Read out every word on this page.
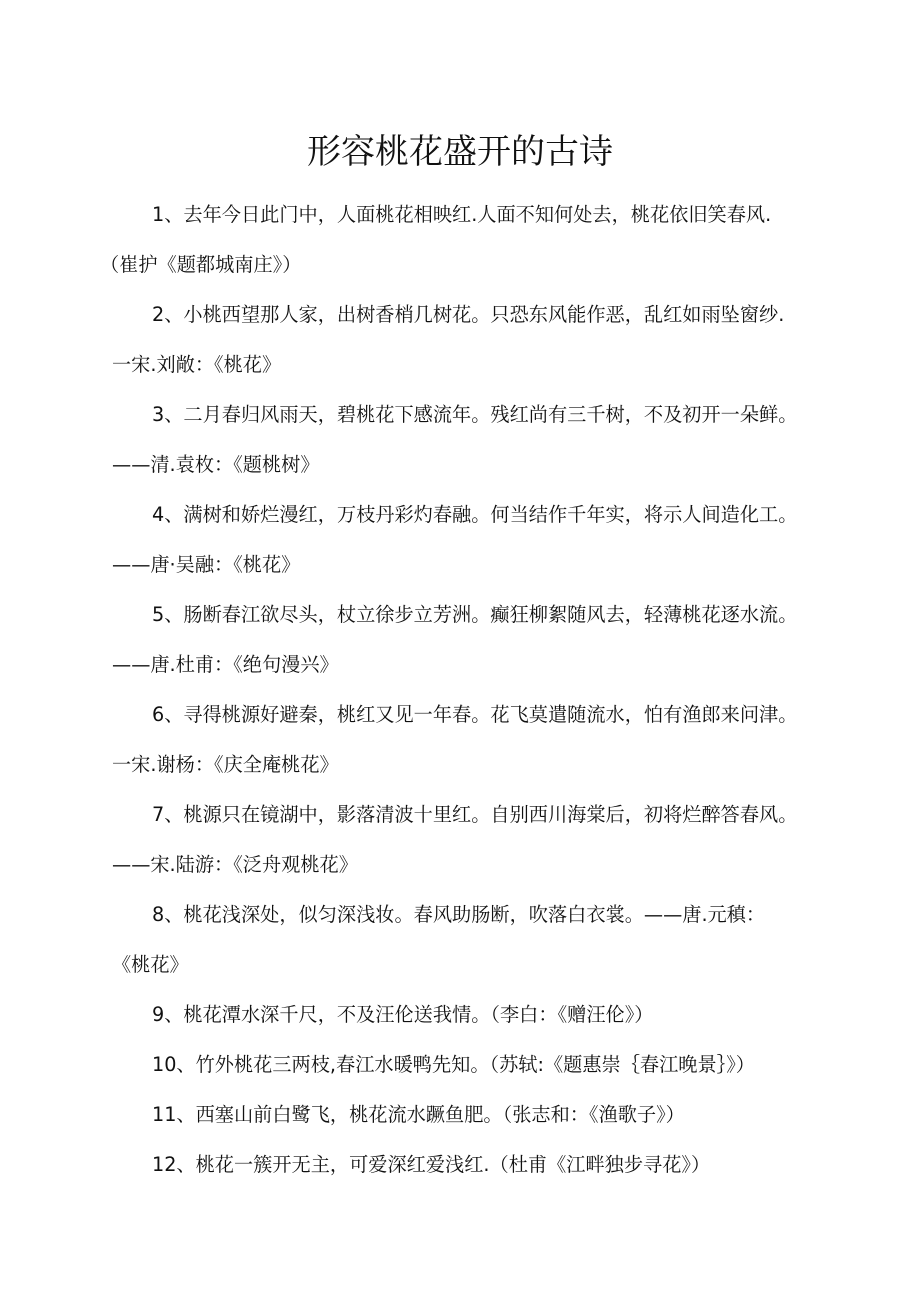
形容桃花盛开的古诗
1、去年今日此门中，人面桃花相映红.人面不知何处去，桃花依旧笑春风.
（崔护《题都城南庄》）
2、小桃西望那人家，出树香梢几树花。只恐东风能作恶，乱红如雨坠窗纱.
一宋.刘敞：《桃花》
3、二月春归风雨天，碧桃花下感流年。残红尚有三千树，不及初开一朵鲜。
——清.袁枚：《题桃树》
4、满树和娇烂漫红，万枝丹彩灼春融。何当结作千年实，将示人间造化工。
——唐·吴融：《桃花》
5、肠断春江欲尽头，杖立徐步立芳洲。癫狂柳絮随风去，轻薄桃花逐水流。
——唐.杜甫：《绝句漫兴》
6、寻得桃源好避秦，桃红又见一年春。花飞莫遣随流水，怕有渔郎来问津。
一宋.谢杨：《庆全庵桃花》
7、桃源只在镜湖中，影落清波十里红。自别西川海棠后，初将烂醉答春风。
——宋.陆游：《泛舟观桃花》
8、桃花浅深处，似匀深浅妆。春风助肠断，吹落白衣裳。——唐.元稹：
《桃花》
9、桃花潭水深千尺，不及汪伦送我情。（李白：《赠汪伦》）
10、竹外桃花三两枝,春江水暖鸭先知。（苏轼:《题惠崇｛春江晚景｝》）
11、西塞山前白鹭飞，桃花流水蹶鱼肥。（张志和：《渔歌子》）
12、桃花一簇开无主，可爱深红爱浅红.（杜甫《江畔独步寻花》）
